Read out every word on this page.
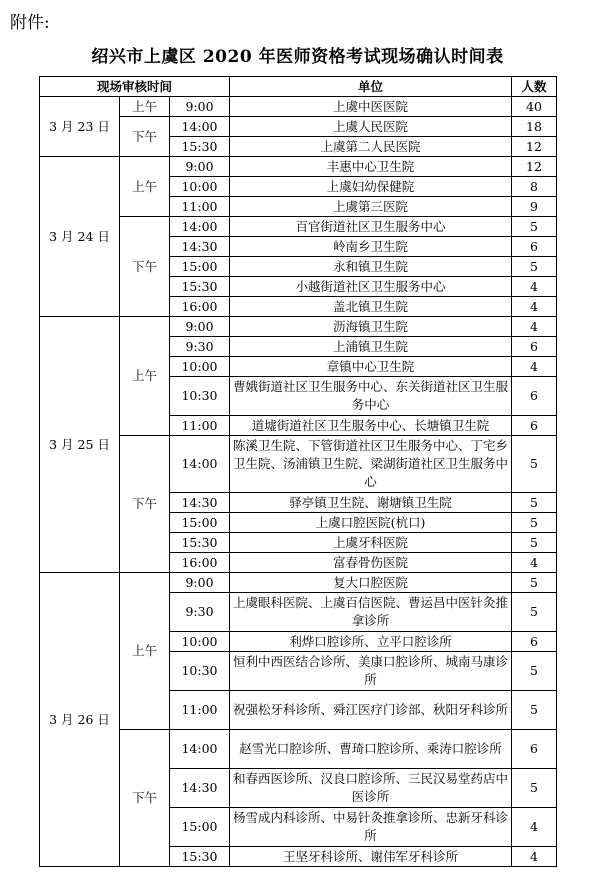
附件:
绍兴市上虞区 2020 年医师资格考试现场确认时间表
现场审核时间			单位	人数
3 月 23 日	上午	9:00	上虞中医医院	40
	下午	14:00	上虞人民医院	18
		15:30	上虞第二人民医院	12
3 月 24 日	上午	9:00	丰惠中心卫生院	12
		10:00	上虞妇幼保健院	8
		11:00	上虞第三医院	9
	下午	14:00	百官街道社区卫生服务中心	5
		14:30	岭南乡卫生院	6
		15:00	永和镇卫生院	5
		15:30	小越街道社区卫生服务中心	4
		16:00	盖北镇卫生院	4
3 月 25 日	上午	9:00	沥海镇卫生院	4
		9:30	上浦镇卫生院	6
		10:00	章镇中心卫生院	4
		10:30	曹娥街道社区卫生服务中心、东关街道社区卫生服务中心	6
		11:00	道墟街道社区卫生服务中心、长塘镇卫生院	6
	下午	14:00	陈溪卫生院、下管街道社区卫生服务中心、丁宅乡卫生院、汤浦镇卫生院、梁湖街道社区卫生服务中心	5
		14:30	驿亭镇卫生院、谢塘镇卫生院	5
		15:00	上虞口腔医院(杭口)	5
		15:30	上虞牙科医院	5
		16:00	富春骨伤医院	4
3 月 26 日	上午	9:00	复大口腔医院	5
		9:30	上虞眼科医院、上虞百信医院、曹运昌中医针灸推拿诊所	5
		10:00	利烨口腔诊所、立平口腔诊所	6
		10:30	恒利中西医结合诊所、美康口腔诊所、城南马康诊所	5
		11:00	祝强松牙科诊所、舜江医疗门诊部、秋阳牙科诊所	5
	下午	14:00	赵雪光口腔诊所、曹琦口腔诊所、乘涛口腔诊所	6
		14:30	和春西医诊所、汉良口腔诊所、三民汉易堂药店中医诊所	5
		15:00	杨雪成内科诊所、中易针灸推拿诊所、忠新牙科诊所	4
		15:30	王坚牙科诊所、谢伟军牙科诊所	4
